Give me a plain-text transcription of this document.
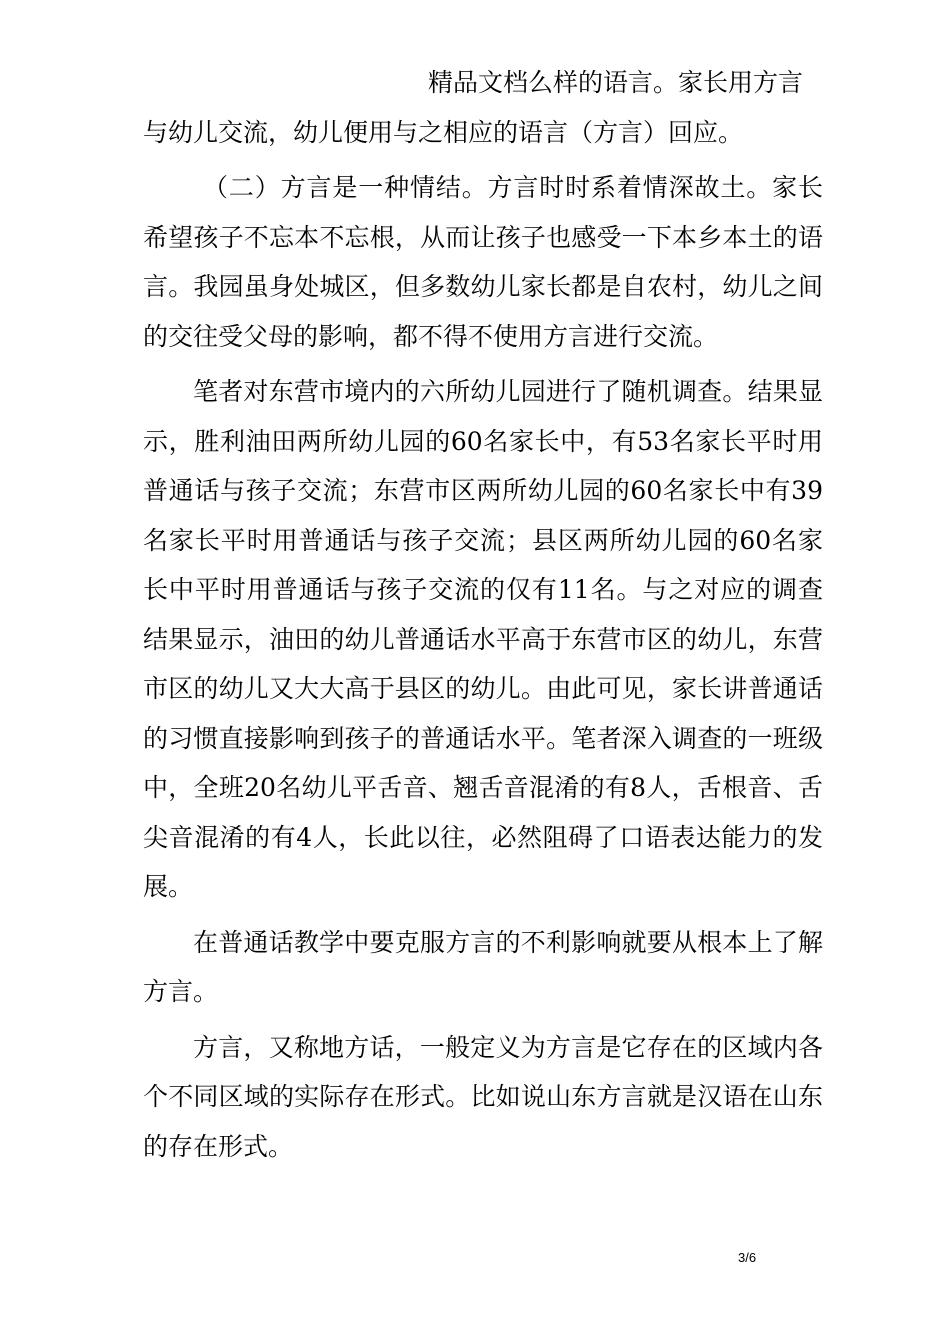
精品文档么样的语言。家长用方言
与幼儿交流，幼儿便用与之相应的语言（方言）回应。

（二）方言是一种情结。方言时时系着情深故土。家长希望孩子不忘本不忘根，从而让孩子也感受一下本乡本土的语言。我园虽身处城区，但多数幼儿家长都是自农村，幼儿之间的交往受父母的影响，都不得不使用方言进行交流。

笔者对东营市境内的六所幼儿园进行了随机调查。结果显示，胜利油田两所幼儿园的60名家长中，有53名家长平时用普通话与孩子交流；东营市区两所幼儿园的60名家长中有39名家长平时用普通话与孩子交流；县区两所幼儿园的60名家长中平时用普通话与孩子交流的仅有11名。与之对应的调查结果显示，油田的幼儿普通话水平高于东营市区的幼儿，东营市区的幼儿又大大高于县区的幼儿。由此可见，家长讲普通话的习惯直接影响到孩子的普通话水平。笔者深入调查的一班级中，全班20名幼儿平舌音、翘舌音混淆的有8人，舌根音、舌尖音混淆的有4人，长此以往，必然阻碍了口语表达能力的发展。

在普通话教学中要克服方言的不利影响就要从根本上了解方言。

方言，又称地方话，一般定义为方言是它存在的区域内各个不同区域的实际存在形式。比如说山东方言就是汉语在山东的存在形式。

3/6
